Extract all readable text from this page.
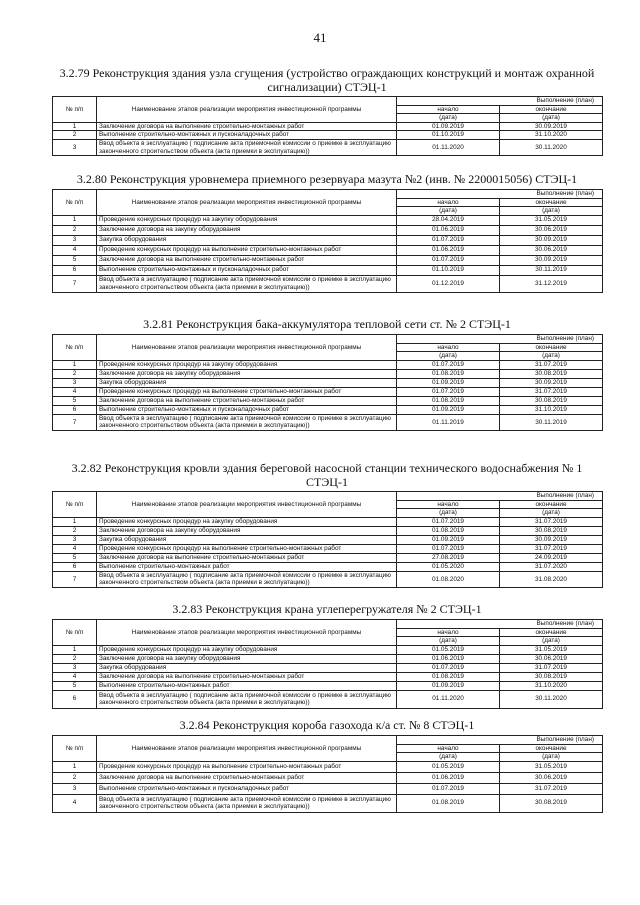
41
3.2.79 Реконструкция здания узла сгущения (устройство ограждающих конструкций и монтаж охранной сигнализации) СТЭЦ-1
№ п/п	Наименование этапов реализации мероприятия инвестиционной программы	Выполнение (план)	
		начало	окончание
		(дата)	(дата)
1	Заключение договора на выполнение строительно-монтажных работ	01.09.2019	30.09.2019
2	Выполнение строительно-монтажных и пусконаладочных работ	01.10.2019	31.10.2020
3	Ввод объекта в эксплуатацию ( подписание акта приемочной комиссии о приемке в эксплуатацию законченного строительством объекта (акта приемки в эксплуатацию))	01.11.2020	30.11.2020
3.2.80 Реконструкция уровнемера приемного резервуара мазута №2 (инв. № 2200015056) СТЭЦ-1
№ п/п	Наименование этапов реализации мероприятия инвестиционной программы	Выполнение (план)	
		начало	окончание
		(дата)	(дата)
1	Проведение конкурсных процедур на закупку оборудования	28.04.2019	31.05.2019
2	Заключение договора на закупку оборудования	01.06.2019	30.06.2019
3	Закупка оборудования	01.07.2019	30.09.2019
4	Проведение конкурсных процедур на выполнение строительно-монтажных работ	01.06.2019	30.06.2019
5	Заключение договора на выполнение строительно-монтажных работ	01.07.2019	30.09.2019
6	Выполнение строительно-монтажных и пусконаладочных работ	01.10.2019	30.11.2019
7	Ввод объекта в эксплуатацию ( подписание акта приемочной комиссии о приемке в эксплуатацию законченного строительством объекта (акта приемки в эксплуатацию))	01.12.2019	31.12.2019
3.2.81 Реконструкция бака-аккумулятора тепловой сети ст. № 2 СТЭЦ-1
№ п/п	Наименование этапов реализации мероприятия инвестиционной программы	Выполнение (план)	
		начало	окончание
		(дата)	(дата)
1	Проведение конкурсных процедур на закупку оборудования	01.07.2019	31.07.2019
2	Заключение договора на закупку оборудования	01.08.2019	30.08.2019
3	Закупка оборудования	01.09.2019	30.09.2019
4	Проведение конкурсных процедур на выполнение строительно-монтажных работ	01.07.2019	31.07.2019
5	Заключение договора на выполнение строительно-монтажных работ	01.08.2019	30.08.2019
6	Выполнение строительно-монтажных и пусконаладочных работ	01.09.2019	31.10.2019
7	Ввод объекта в эксплуатацию ( подписание акта приемочной комиссии о приемке в эксплуатацию законченного строительством объекта (акта приемки в эксплуатацию))	01.11.2019	30.11.2019
3.2.82 Реконструкция кровли здания береговой насосной станции технического водоснабжения № 1 СТЭЦ-1
№ п/п	Наименование этапов реализации мероприятия инвестиционной программы	Выполнение (план)	
		начало	окончание
		(дата)	(дата)
1	Проведение конкурсных процедур на закупку оборудования	01.07.2019	31.07.2019
2	Заключение договора на закупку оборудования	01.08.2019	30.08.2019
3	Закупка оборудования	01.09.2019	30.09.2019
4	Проведение конкурсных процедур на выполнение строительно-монтажных работ	01.07.2019	31.07.2019
5	Заключение договора на выполнение строительно-монтажных работ	27.08.2019	24.09.2019
6	Выполнение строительно-монтажных работ	01.05.2020	31.07.2020
7	Ввод объекта в эксплуатацию ( подписание акта приемочной комиссии о приемке в эксплуатацию законченного строительством объекта (акта приемки в эксплуатацию))	01.08.2020	31.08.2020
3.2.83 Реконструкция крана углеперегружателя № 2 СТЭЦ-1
№ п/п	Наименование этапов реализации мероприятия инвестиционной программы	Выполнение (план)	
		начало	окончание
		(дата)	(дата)
1	Проведение конкурсных процедур на закупку оборудования	01.05.2019	31.05.2019
2	Заключение договора на закупку оборудования	01.06.2019	30.06.2019
3	Закупка оборудования	01.07.2019	31.07.2019
4	Заключение договора на выполнение строительно-монтажных работ	01.08.2019	30.08.2019
5	Выполнение строительно-монтажных работ	01.09.2019	31.10.2020
6	Ввод объекта в эксплуатацию ( подписание акта приемочной комиссии о приемке в эксплуатацию законченного строительством объекта (акта приемки в эксплуатацию))	01.11.2020	30.11.2020
3.2.84 Реконструкция короба газохода к/а ст. № 8 СТЭЦ-1
№ п/п	Наименование этапов реализации мероприятия инвестиционной программы	Выполнение (план)	
		начало	окончание
		(дата)	(дата)
1	Проведение конкурсных процедур на выполнение строительно-монтажных работ	01.05.2019	31.05.2019
2	Заключение договора на выполнение строительно-монтажных работ	01.06.2019	30.06.2019
3	Выполнение строительно-монтажных и пусконаладочных работ	01.07.2019	31.07.2019
4	Ввод объекта в эксплуатацию ( подписание акта приемочной комиссии о приемке в эксплуатацию законченного строительством объекта (акта приемки в эксплуатацию))	01.08.2019	30.08.2019
